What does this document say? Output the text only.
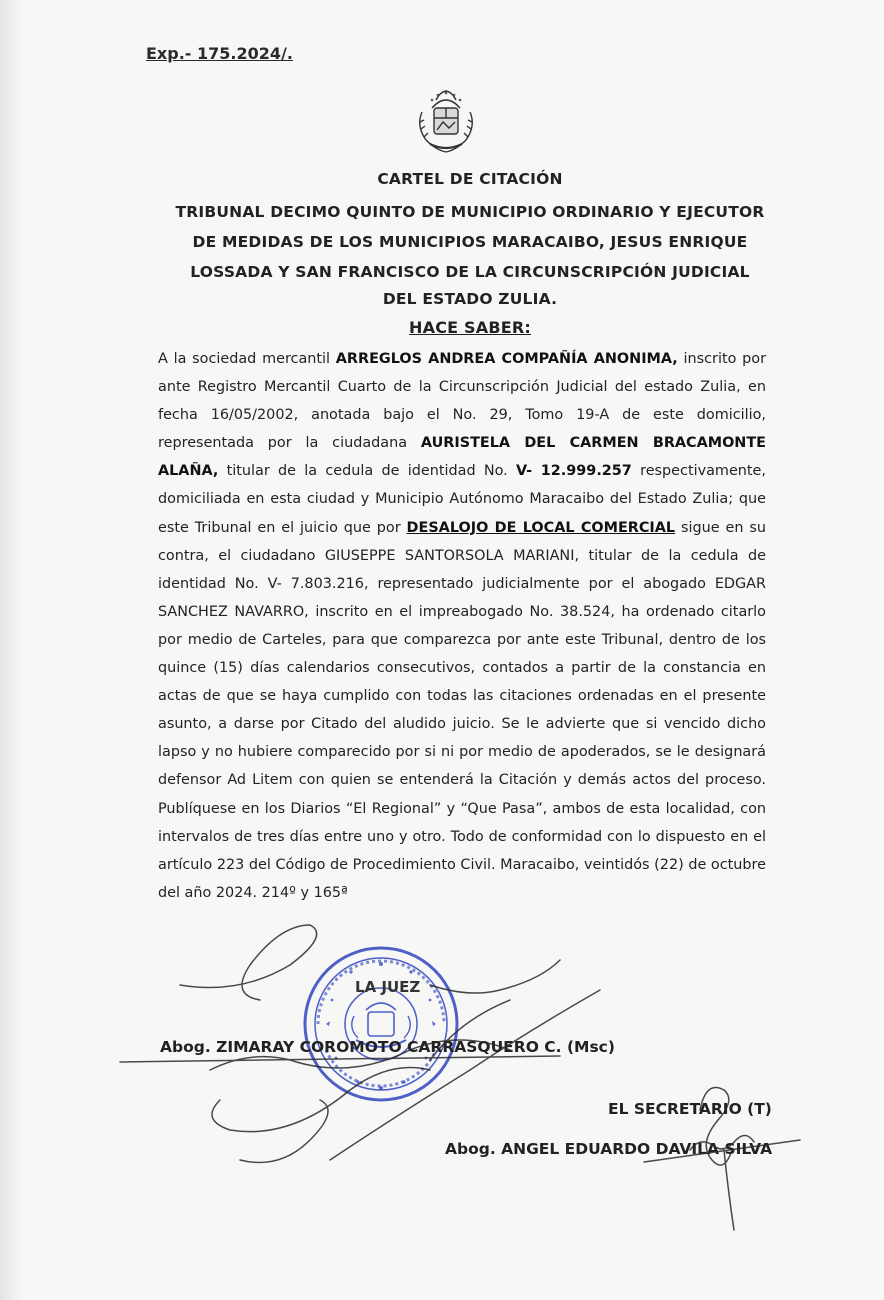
Exp.- 175.2024/.
CARTEL DE CITACIÓN
TRIBUNAL DECIMO QUINTO DE MUNICIPIO ORDINARIO Y EJECUTOR
DE MEDIDAS DE LOS MUNICIPIOS MARACAIBO, JESUS ENRIQUE
LOSSADA Y SAN FRANCISCO DE LA CIRCUNSCRIPCIÓN JUDICIAL
DEL ESTADO ZULIA.
HACE SABER:
A la sociedad mercantil ARREGLOS ANDREA COMPAÑÍA ANONIMA, inscrito por ante Registro Mercantil Cuarto de la Circunscripción Judicial del estado Zulia, en fecha 16/05/2002, anotada bajo el No. 29, Tomo 19-A de este domicilio, representada por la ciudadana AURISTELA DEL CARMEN BRACAMONTE ALAÑA, titular de la cedula de identidad No. V- 12.999.257 respectivamente, domiciliada en esta ciudad y Municipio Autónomo Maracaibo del Estado Zulia; que este Tribunal en el juicio que por DESALOJO DE LOCAL COMERCIAL sigue en su contra, el ciudadano GIUSEPPE SANTORSOLA MARIANI, titular de la cedula de identidad No. V- 7.803.216, representado judicialmente por el abogado EDGAR SANCHEZ NAVARRO, inscrito en el impreabogado No. 38.524, ha ordenado citarlo por medio de Carteles, para que comparezca por ante este Tribunal, dentro de los quince (15) días calendarios consecutivos, contados a partir de la constancia en actas de que se haya cumplido con todas las citaciones ordenadas en el presente asunto, a darse por Citado del aludido juicio. Se le advierte que si vencido dicho lapso y no hubiere comparecido por si ni por medio de apoderados, se le designará defensor Ad Litem con quien se entenderá la Citación y demás actos del proceso. Publíquese en los Diarios “El Regional” y “Que Pasa”, ambos de esta localidad, con intervalos de tres días entre uno y otro. Todo de conformidad con lo dispuesto en el artículo 223 del Código de Procedimiento Civil. Maracaibo, veintidós (22) de octubre del año 2024. 214º y 165ª
LA JUEZ
Abog. ZIMARAY COROMOTO CARRASQUERO C. (Msc)
EL SECRETARIO (T)
Abog. ANGEL EDUARDO DAVILA SILVA
